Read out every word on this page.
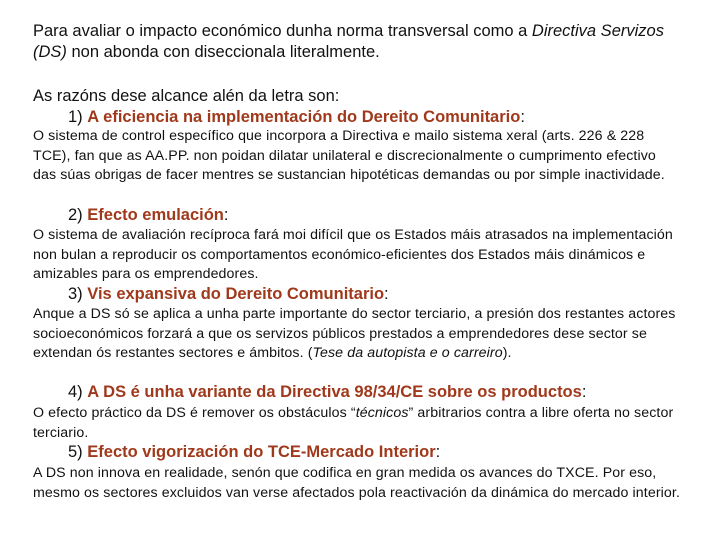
Para avaliar o impacto económico dunha norma transversal como a Directiva Servizos (DS) non abonda con diseccionala literalmente.
As razóns dese alcance alén da letra son:
1) A eficiencia na implementación do Dereito Comunitario:
O sistema de control específico que incorpora a Directiva e mailo sistema xeral (arts. 226 & 228 TCE), fan que as AA.PP. non poidan dilatar unilateral e discrecionalmente o cumprimento efectivo das súas obrigas de facer mentres se sustancian hipotéticas demandas ou por simple inactividade.
2) Efecto emulación:
O sistema de avaliación recíproca fará moi difícil que os Estados máis atrasados na implementación non bulan a reproducir os comportamentos económico-eficientes dos Estados máis dinámicos e amizables para os emprendedores.
3) Vis expansiva do Dereito Comunitario:
Anque a DS só se aplica a unha parte importante do sector terciario, a presión dos restantes actores socioeconómicos forzará a que os servizos públicos prestados a emprendedores dese sector se extendan ós restantes sectores e ámbitos. (Tese da autopista e o carreiro).
4) A DS é unha variante da Directiva 98/34/CE sobre os productos:
O efecto práctico da DS é remover os obstáculos “técnicos” arbitrarios contra a libre oferta no sector terciario.
5) Efecto vigorización do TCE-Mercado Interior:
A DS non innova en realidade, senón que codifica en gran medida os avances do TXCE. Por eso, mesmo os sectores excluidos van verse afectados pola reactivación da dinámica do mercado interior.
